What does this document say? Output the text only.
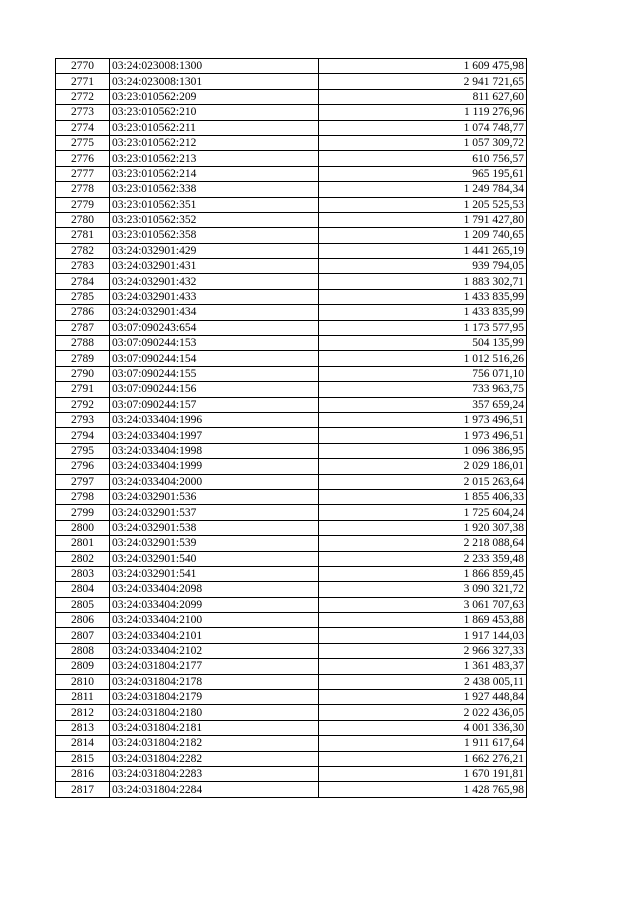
2770	03:24:023008:1300	1 609 475,98
2771	03:24:023008:1301	2 941 721,65
2772	03:23:010562:209	811 627,60
2773	03:23:010562:210	1 119 276,96
2774	03:23:010562:211	1 074 748,77
2775	03:23:010562:212	1 057 309,72
2776	03:23:010562:213	610 756,57
2777	03:23:010562:214	965 195,61
2778	03:23:010562:338	1 249 784,34
2779	03:23:010562:351	1 205 525,53
2780	03:23:010562:352	1 791 427,80
2781	03:23:010562:358	1 209 740,65
2782	03:24:032901:429	1 441 265,19
2783	03:24:032901:431	939 794,05
2784	03:24:032901:432	1 883 302,71
2785	03:24:032901:433	1 433 835,99
2786	03:24:032901:434	1 433 835,99
2787	03:07:090243:654	1 173 577,95
2788	03:07:090244:153	504 135,99
2789	03:07:090244:154	1 012 516,26
2790	03:07:090244:155	756 071,10
2791	03:07:090244:156	733 963,75
2792	03:07:090244:157	357 659,24
2793	03:24:033404:1996	1 973 496,51
2794	03:24:033404:1997	1 973 496,51
2795	03:24:033404:1998	1 096 386,95
2796	03:24:033404:1999	2 029 186,01
2797	03:24:033404:2000	2 015 263,64
2798	03:24:032901:536	1 855 406,33
2799	03:24:032901:537	1 725 604,24
2800	03:24:032901:538	1 920 307,38
2801	03:24:032901:539	2 218 088,64
2802	03:24:032901:540	2 233 359,48
2803	03:24:032901:541	1 866 859,45
2804	03:24:033404:2098	3 090 321,72
2805	03:24:033404:2099	3 061 707,63
2806	03:24:033404:2100	1 869 453,88
2807	03:24:033404:2101	1 917 144,03
2808	03:24:033404:2102	2 966 327,33
2809	03:24:031804:2177	1 361 483,37
2810	03:24:031804:2178	2 438 005,11
2811	03:24:031804:2179	1 927 448,84
2812	03:24:031804:2180	2 022 436,05
2813	03:24:031804:2181	4 001 336,30
2814	03:24:031804:2182	1 911 617,64
2815	03:24:031804:2282	1 662 276,21
2816	03:24:031804:2283	1 670 191,81
2817	03:24:031804:2284	1 428 765,98
